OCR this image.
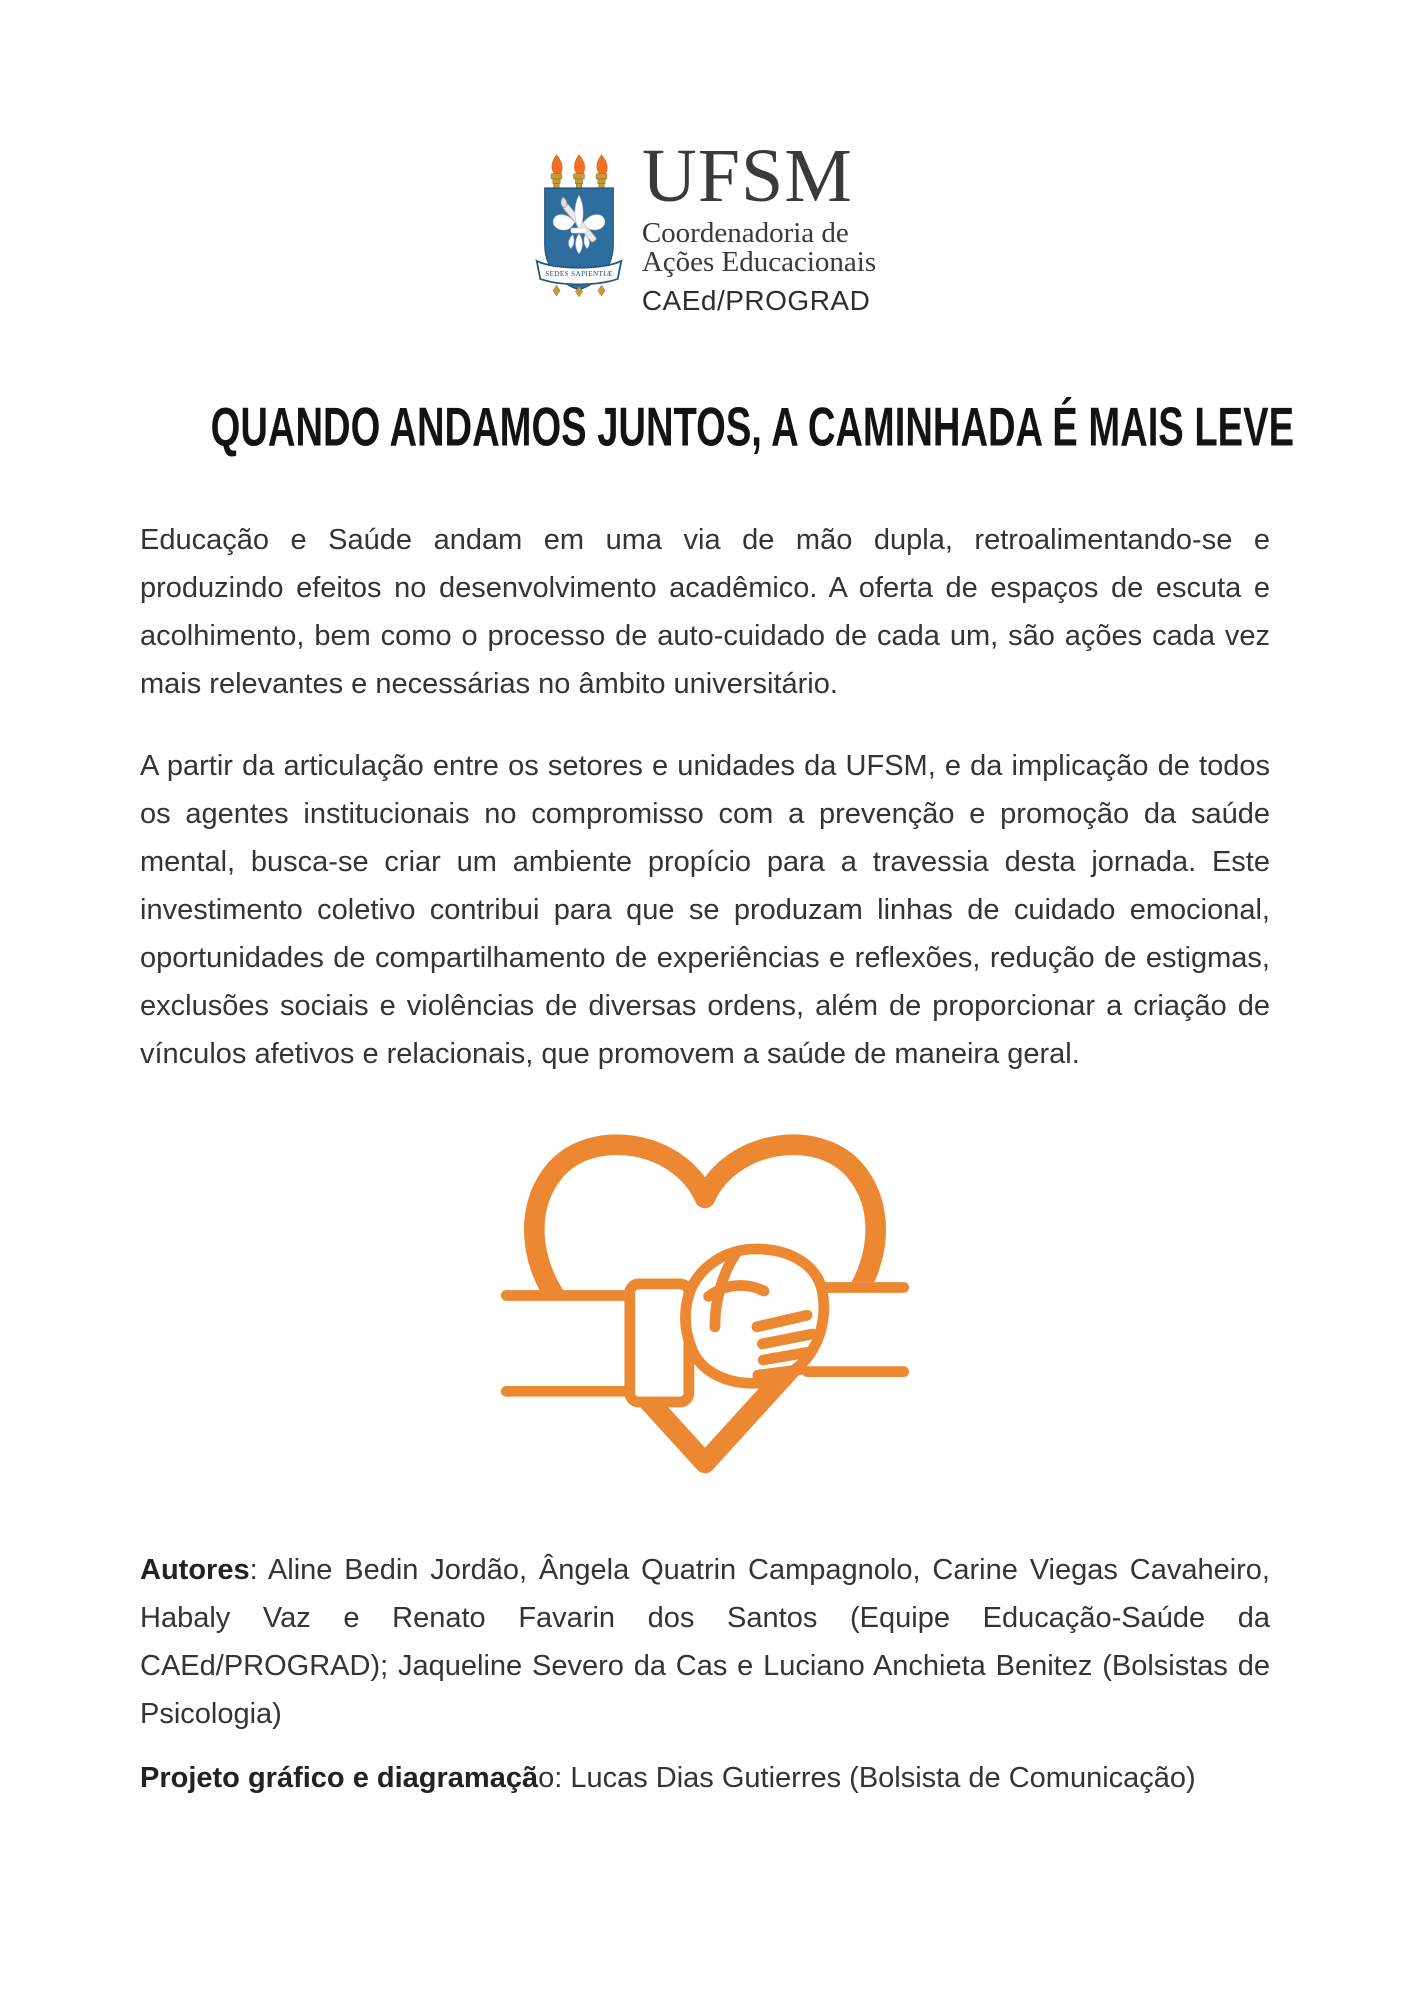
SEDES SAPIENTIÆ
UFSM
Coordenadoria de
Ações Educacionais
CAEd/PROGRAD
QUANDO ANDAMOS JUNTOS, A CAMINHADA É MAIS LEVE

Educação e Saúde andam em uma via de mão dupla, retroalimentando-se e produzindo efeitos no desenvolvimento acadêmico. A oferta de espaços de escuta e acolhimento, bem como o processo de auto-cuidado de cada um, são ações cada vez mais relevantes e necessárias no âmbito universitário.

A partir da articulação entre os setores e unidades da UFSM, e da implicação de todos os agentes institucionais no compromisso com a prevenção e promoção da saúde mental, busca-se criar um ambiente propício para a travessia desta jornada. Este investimento coletivo contribui para que se produzam linhas de cuidado emocional, oportunidades de compartilhamento de experiências e reflexões, redução de estigmas, exclusões sociais e violências de diversas ordens, além de proporcionar a criação de vínculos afetivos e relacionais, que promovem a saúde de maneira geral.

Autores: Aline Bedin Jordão, Ângela Quatrin Campagnolo, Carine Viegas Cavaheiro, Habaly Vaz e Renato Favarin dos Santos (Equipe Educação-Saúde da CAEd/PROGRAD); Jaqueline Severo da Cas e Luciano Anchieta Benitez (Bolsistas de Psicologia)

Projeto gráfico e diagramação: Lucas Dias Gutierres (Bolsista de Comunicação)
